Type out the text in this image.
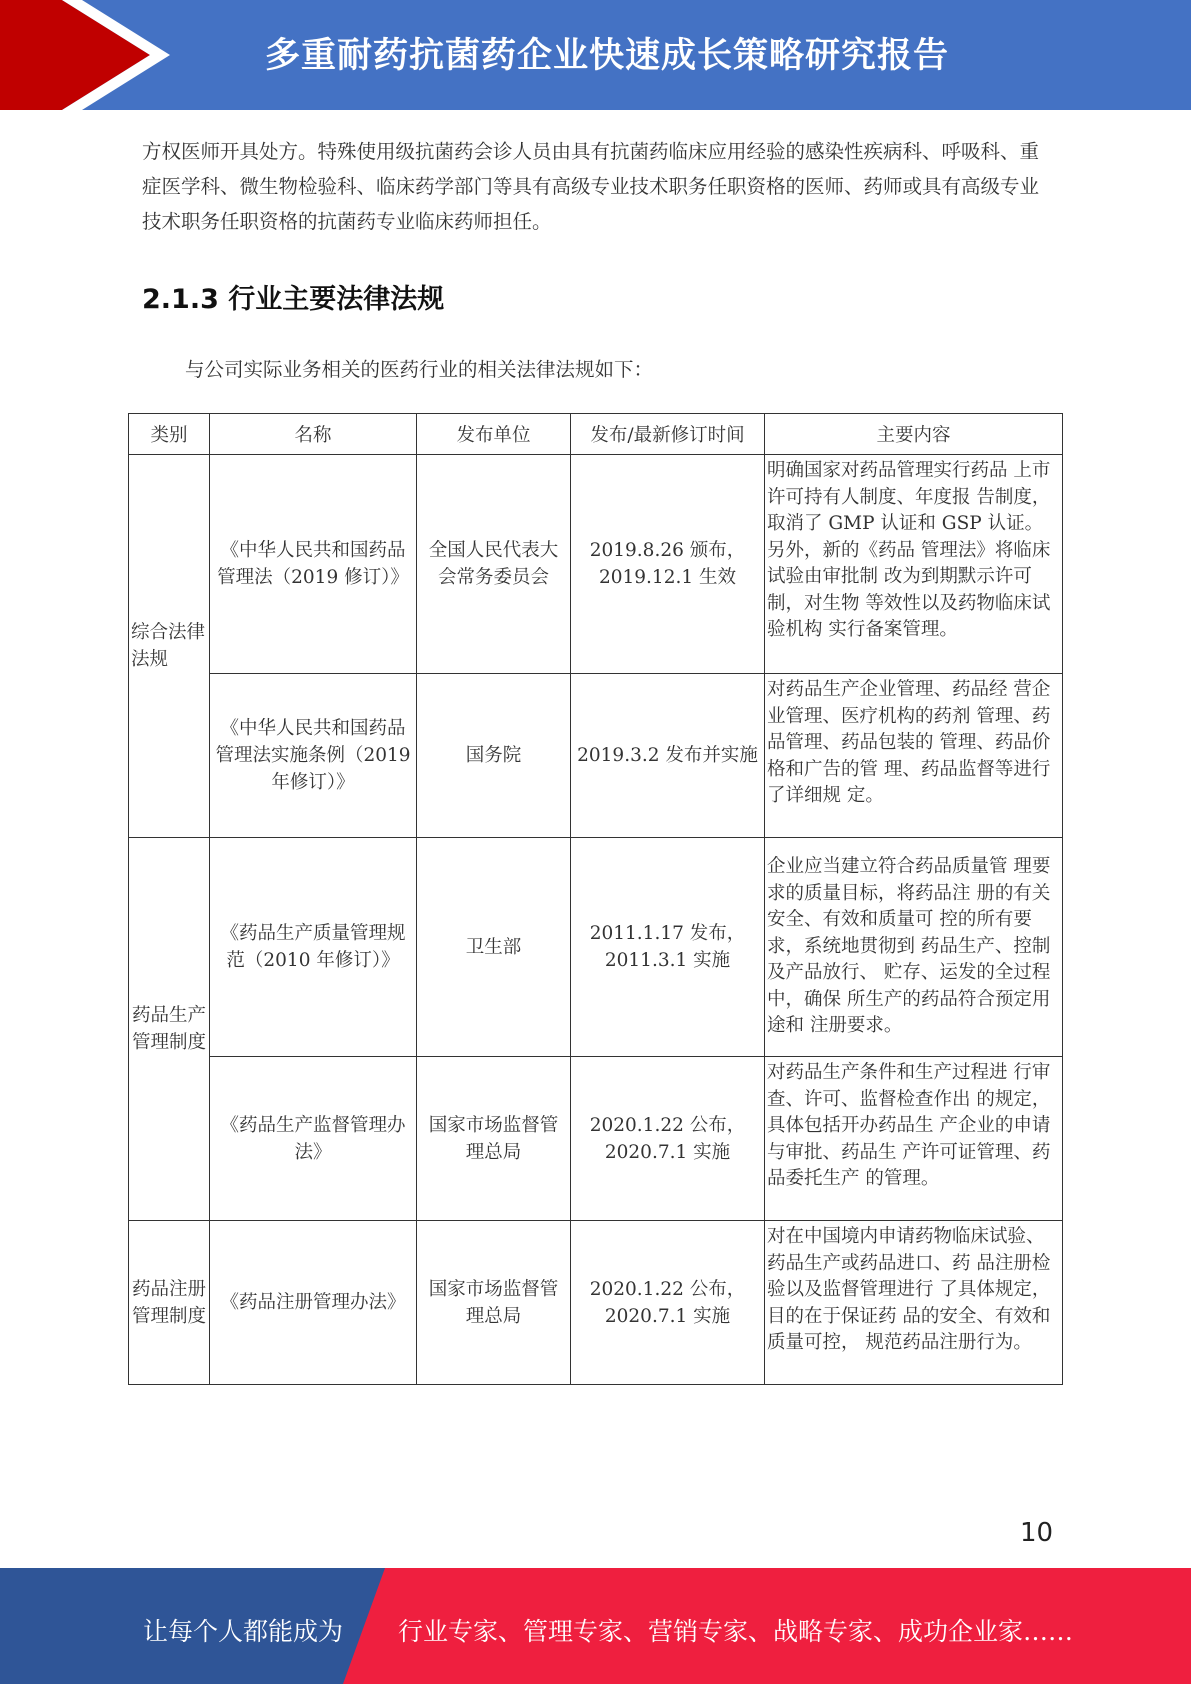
多重耐药抗菌药企业快速成长策略研究报告

方权医师开具处方。特殊使用级抗菌药会诊人员由具有抗菌药临床应用经验的感染性疾病科、呼吸科、重症医学科、微生物检验科、临床药学部门等具有高级专业技术职务任职资格的医师、药师或具有高级专业技术职务任职资格的抗菌药专业临床药师担任。

2.1.3 行业主要法律法规

与公司实际业务相关的医药行业的相关法律法规如下：

类别	名称	发布单位	发布/最新修订时间	主要内容
综合法律法规	《中华人民共和国药品管理法（2019 修订）》	全国人民代表大会常务委员会	2019.8.26 颁布，2019.12.1 生效	明确国家对药品管理实行药品 上市许可持有人制度、年度报 告制度，取消了 GMP 认证和 GSP 认证。另外，新的《药品 管理法》将临床试验由审批制 改为到期默示许可制，对生物 等效性以及药物临床试验机构 实行备案管理。
	《中华人民共和国药品管理法实施条例（2019 年修订）》	国务院	2019.3.2 发布并实施	对药品生产企业管理、药品经 营企业管理、医疗机构的药剂 管理、药品管理、药品包装的 管理、药品价格和广告的管 理、药品监督等进行了详细规 定。
药品生产管理制度	《药品生产质量管理规范（2010 年修订）》	卫生部	2011.1.17 发布，2011.3.1 实施	企业应当建立符合药品质量管 理要求的质量目标，将药品注 册的有关安全、有效和质量可 控的所有要求，系统地贯彻到 药品生产、控制及产品放行、 贮存、运发的全过程中，确保 所生产的药品符合预定用途和 注册要求。
	《药品生产监督管理办法》	国家市场监督管理总局	2020.1.22 公布，2020.7.1 实施	对药品生产条件和生产过程进 行审查、许可、监督检查作出 的规定，具体包括开办药品生 产企业的申请与审批、药品生 产许可证管理、药品委托生产 的管理。
药品注册管理制度	《药品注册管理办法》	国家市场监督管理总局	2020.1.22 公布，2020.7.1 实施	对在中国境内申请药物临床试验、药品生产或药品进口、药 品注册检验以及监督管理进行 了具体规定，目的在于保证药 品的安全、有效和质量可控， 规范药品注册行为。
10
让每个人都能成为 行业专家、管理专家、营销专家、战略专家、成功企业家……
